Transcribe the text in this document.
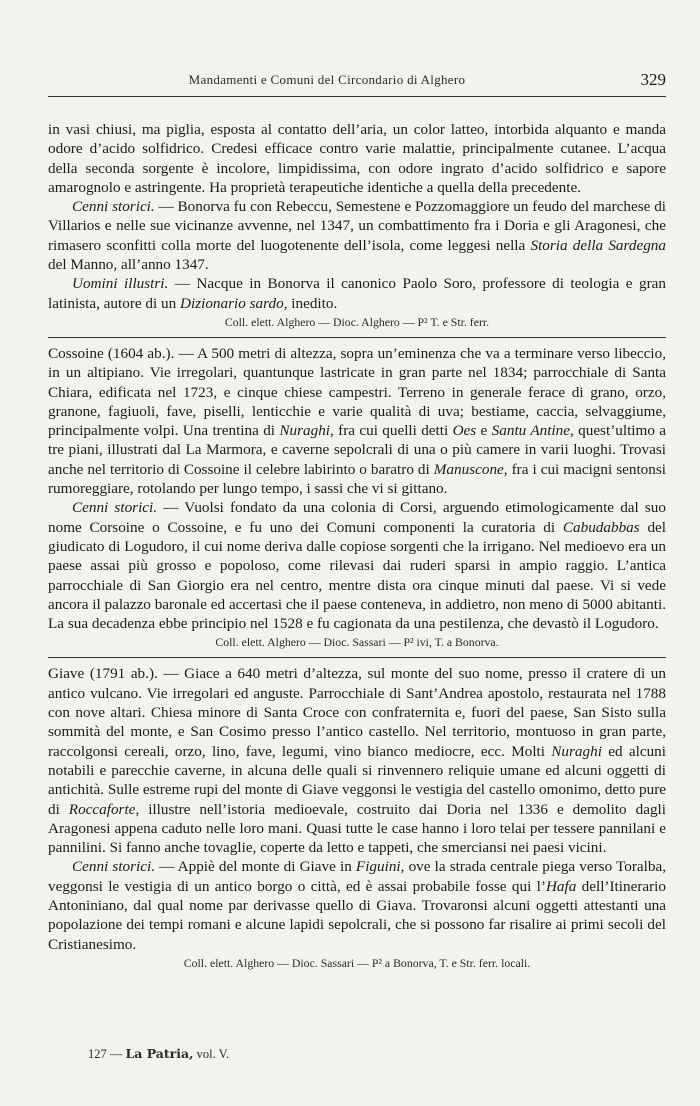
Mandamenti e Comuni del Circondario di Alghero	329

in vasi chiusi, ma piglia, esposta al contatto dell’aria, un color latteo, intorbida alquanto e manda odore d’acido solfidrico. Credesi efficace contro varie malattie, principalmente cutanee. L’acqua della seconda sorgente è incolore, limpidissima, con odore ingrato d’acido solfidrico e sapore amarognolo e astringente. Ha proprietà terapeutiche identiche a quella della precedente.

Cenni storici. — Bonorva fu con Rebeccu, Semestene e Pozzomaggiore un feudo del marchese di Villarios e nelle sue vicinanze avvenne, nel 1347, un combattimento fra i Doria e gli Aragonesi, che rimasero sconfitti colla morte del luogotenente dell’isola, come leggesi nella Storia della Sardegna del Manno, all’anno 1347.

Uomini illustri. — Nacque in Bonorva il canonico Paolo Soro, professore di teologia e gran latinista, autore di un Dizionario sardo, inedito.

Coll. elett. Alghero — Dioc. Alghero — P² T. e Str. ferr.

Cossoine (1604 ab.). — A 500 metri di altezza, sopra un’eminenza che va a terminare verso libeccio, in un altipiano. Vie irregolari, quantunque lastricate in gran parte nel 1834; parrocchiale di Santa Chiara, edificata nel 1723, e cinque chiese campestri. Terreno in generale ferace di grano, orzo, granone, fagiuoli, fave, piselli, lenticchie e varie qualità di uva; bestiame, caccia, selvaggiume, principalmente volpi. Una trentina di Nuraghi, fra cui quelli detti Oes e Santu Antine, quest’ultimo a tre piani, illustrati dal La Marmora, e caverne sepolcrali di una o più camere in varii luoghi. Trovasi anche nel territorio di Cossoine il celebre labirinto o baratro di Manuscone, fra i cui macigni sentonsi rumoreggiare, rotolando per lungo tempo, i sassi che vi si gittano.

Cenni storici. — Vuolsi fondato da una colonia di Corsi, arguendo etimologicamente dal suo nome Corsoine o Cossoine, e fu uno dei Comuni componenti la curatoria di Cabudabbas del giudicato di Logudoro, il cui nome deriva dalle copiose sorgenti che la irrigano. Nel medioevo era un paese assai più grosso e popoloso, come rilevasi dai ruderi sparsi in ampio raggio. L’antica parrocchiale di San Giorgio era nel centro, mentre dista ora cinque minuti dal paese. Vi si vede ancora il palazzo baronale ed accertasi che il paese conteneva, in addietro, non meno di 5000 abitanti. La sua decadenza ebbe principio nel 1528 e fu cagionata da una pestilenza, che devastò il Logudoro.

Coll. elett. Alghero — Dioc. Sassari — P² ivi, T. a Bonorva.

Giave (1791 ab.). — Giace a 640 metri d’altezza, sul monte del suo nome, presso il cratere di un antico vulcano. Vie irregolari ed anguste. Parrocchiale di Sant’Andrea apostolo, restaurata nel 1788 con nove altari. Chiesa minore di Santa Croce con confraternita e, fuori del paese, San Sisto sulla sommità del monte, e San Cosimo presso l’antico castello. Nel territorio, montuoso in gran parte, raccolgonsi cereali, orzo, lino, fave, legumi, vino bianco mediocre, ecc. Molti Nuraghi ed alcuni notabili e parecchie caverne, in alcuna delle quali si rinvennero reliquie umane ed alcuni oggetti di antichità. Sulle estreme rupi del monte di Giave veggonsi le vestigia del castello omonimo, detto pure di Roccaforte, illustre nell’istoria medioevale, costruito dai Doria nel 1336 e demolito dagli Aragonesi appena caduto nelle loro mani. Quasi tutte le case hanno i loro telai per tessere pannilani e pannilini. Si fanno anche tovaglie, coperte da letto e tappeti, che smerciansi nei paesi vicini.

Cenni storici. — Appiè del monte di Giave in Figuini, ove la strada centrale piega verso Toralba, veggonsi le vestigia di un antico borgo o città, ed è assai probabile fosse qui l’Hafa dell’Itinerario Antoniniano, dal qual nome par derivasse quello di Giava. Trovaronsi alcuni oggetti attestanti una popolazione dei tempi romani e alcune lapidi sepolcrali, che si possono far risalire ai primi secoli del Cristianesimo.

Coll. elett. Alghero — Dioc. Sassari — P² a Bonorva, T. e Str. ferr. locali.
127 — La Patria, vol. V.
